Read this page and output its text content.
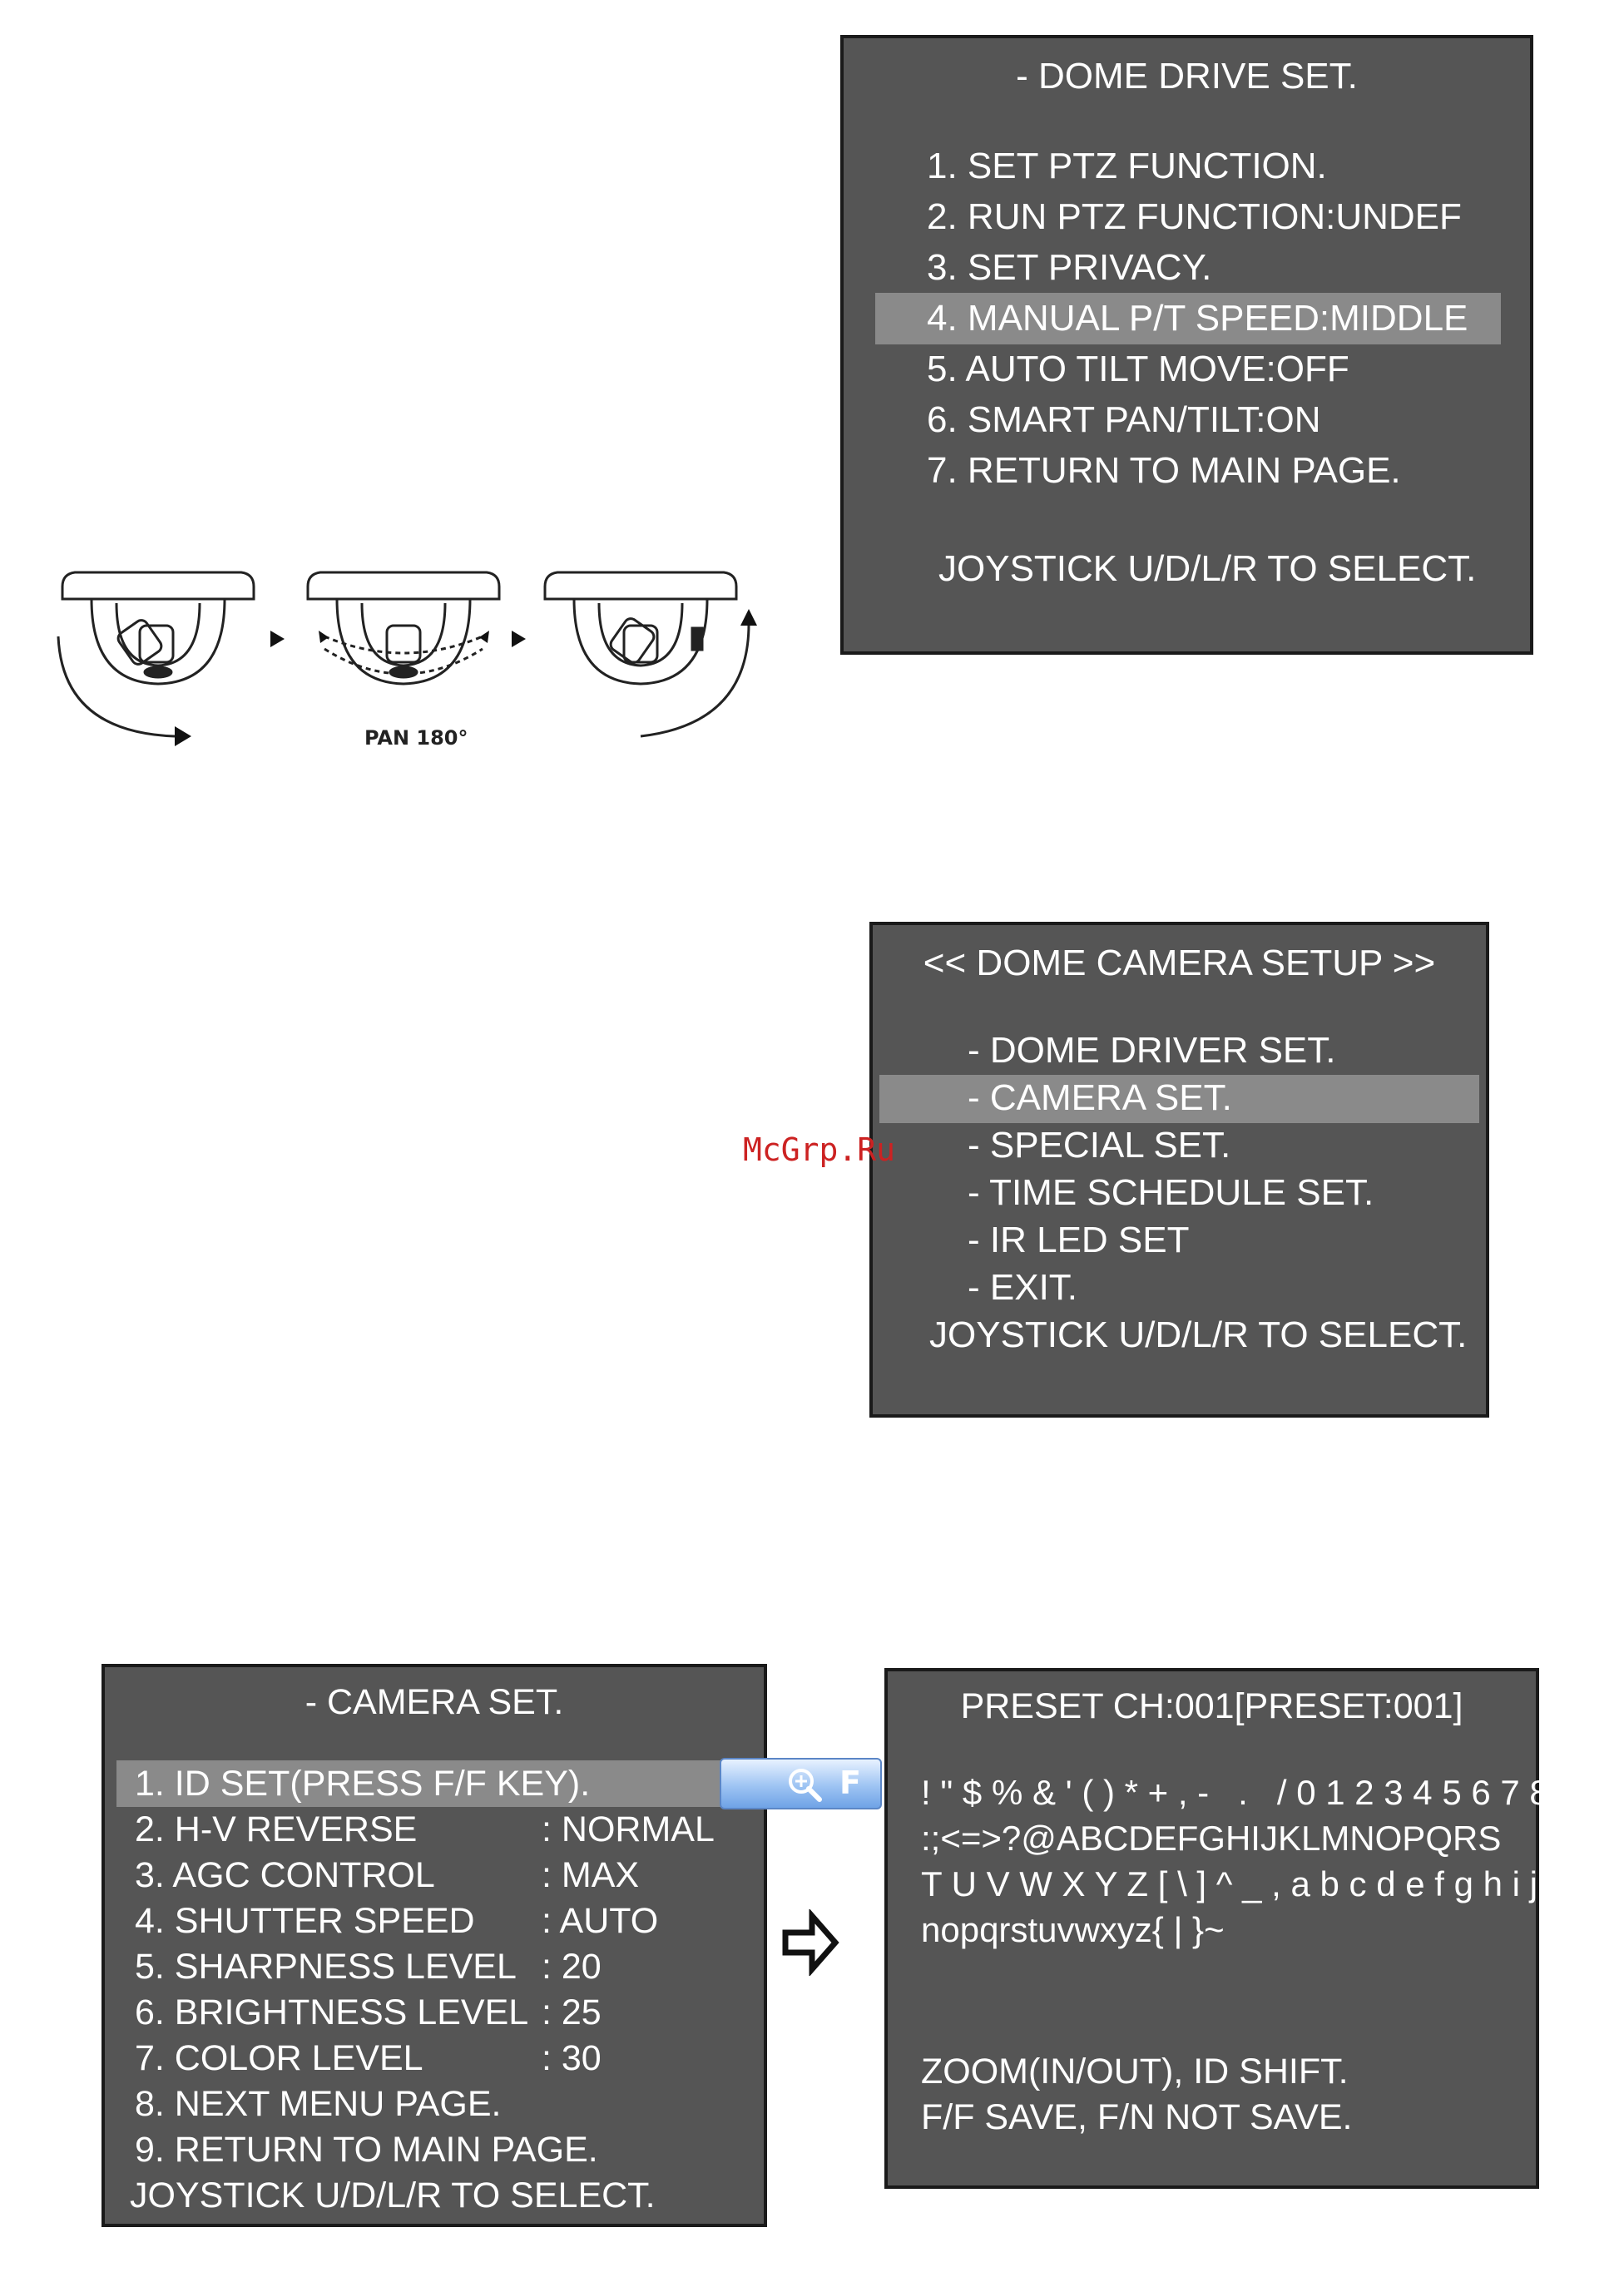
- DOME DRIVE SET.
1. SET PTZ FUNCTION.
2. RUN PTZ FUNCTION:UNDEF
3. SET PRIVACY.
4. MANUAL P/T SPEED:MIDDLE
5. AUTO TILT MOVE:OFF
6. SMART PAN/TILT:ON
7. RETURN TO MAIN PAGE.
JOYSTICK U/D/L/R TO SELECT.
PAN 180°
<< DOME CAMERA SETUP >>
- DOME DRIVER SET.
- CAMERA SET.
- SPECIAL SET.
- TIME SCHEDULE SET.
- IR LED SET
- EXIT.
JOYSTICK U/D/L/R TO SELECT.
McGrp.Ru
- CAMERA SET.
1. ID SET(PRESS F/F KEY).
2. H-V REVERSE	: NORMAL
3. AGC CONTROL	: MAX
4. SHUTTER SPEED : AUTO
5. SHARPNESS LEVEL : 20
6. BRIGHTNESS LEVEL : 25
7. COLOR LEVEL	: 30
8. NEXT MENU PAGE.
9. RETURN TO MAIN PAGE.
JOYSTICK U/D/L/R TO SELECT.
F
PRESET CH:001[PRESET:001]
! " $ % & ' ( ) * + , -   .   / 0 1 2 3 4 5 6 7 8 9
:;<=>?@ABCDEFGHIJKLMNOPQRS
T U V W X Y Z [ \ ] ^ _ , a b c d e f g h i j k l m
nopqrstuvwxyz{ | }~
ZOOM(IN/OUT), ID SHIFT.
F/F SAVE, F/N NOT SAVE.
